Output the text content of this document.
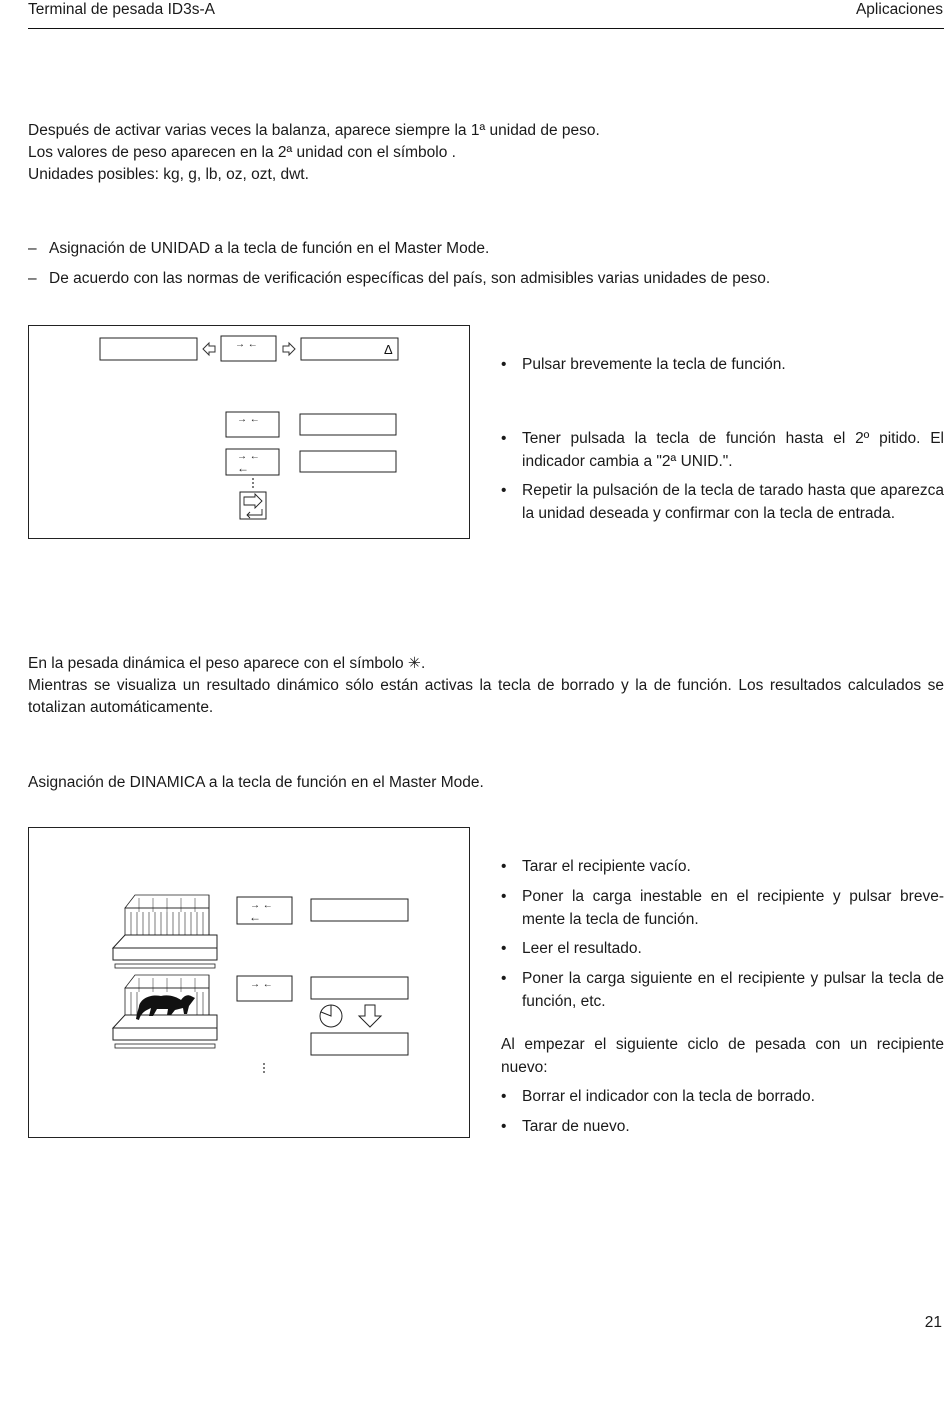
Terminal de pesada ID3s-A	Aplicaciones
Después de activar varias veces la balanza, aparece siempre la 1ª unidad de peso.
Los valores de peso aparecen en la 2ª unidad con el símbolo .
Unidades posibles: kg, g, lb, oz, ozt, dwt.
– Asignación de UNIDAD a la tecla de función en el Master Mode.
– De acuerdo con las normas de verificación específicas del país, son admisibles varias unidades de peso.
→ ←	Δ
→ ←
→ ←
←
• Pulsar brevemente la tecla de función.
• Tener pulsada la tecla de función hasta el 2º pitido. El indicador cambia a "2ª UNID.".
• Repetir la pulsación de la tecla de tarado hasta que aparezca la unidad deseada y confirmar con la tecla de entrada.
En la pesada dinámica el peso aparece con el símbolo ✳.
Mientras se visualiza un resultado dinámico sólo están activas la tecla de borrado y la de función. Los resultados calculados se totalizan automáticamente.
Asignación de DINAMICA a la tecla de función en el Master Mode.
→ ←
←
→ ←
• Tarar el recipiente vacío.
• Poner la carga inestable en el recipiente y pulsar breve-mente la tecla de función.
• Leer el resultado.
• Poner la carga siguiente en el recipiente y pulsar la tecla de función, etc.
Al empezar el siguiente ciclo de pesada con un recipiente nuevo:
• Borrar el indicador con la tecla de borrado.
• Tarar de nuevo.
21
